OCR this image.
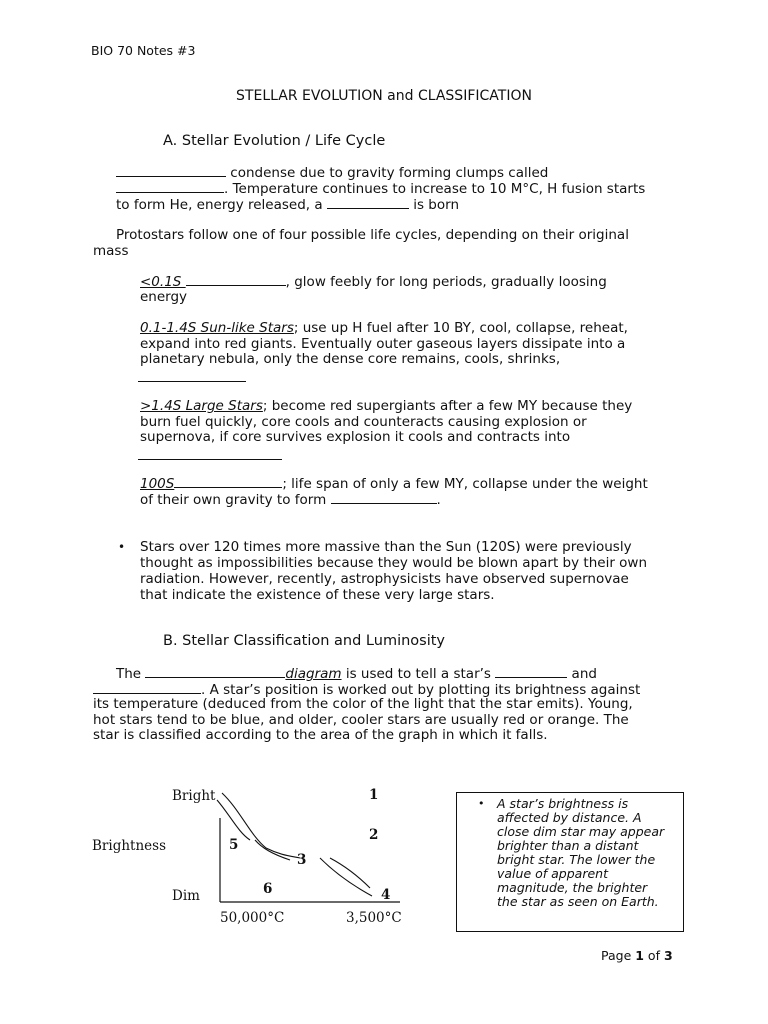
BIO 70 Notes #3
STELLAR EVOLUTION and CLASSIFICATION
A. Stellar Evolution / Life Cycle
condense due to gravity forming clumps called
. Temperature continues to increase to 10 M°C, H fusion starts
to form He, energy released, a	is born
Protostars follow one of four possible life cycles, depending on their original
mass
<0.1S	, glow feebly for long periods, gradually loosing
energy
0.1-1.4S Sun-like Stars; use up H fuel after 10 BY, cool, collapse, reheat,
expand into red giants. Eventually outer gaseous layers dissipate into a
planetary nebula, only the dense core remains, cools, shrinks,
>1.4S Large Stars; become red supergiants after a few MY because they
burn fuel quickly, core cools and counteracts causing explosion or
supernova, if core survives explosion it cools and contracts into
100S	; life span of only a few MY, collapse under the weight
of their own gravity to form	.
• Stars over 120 times more massive than the Sun (120S) were previously
thought as impossibilities because they would be blown apart by their own
radiation. However, recently, astrophysicists have observed supernovae
that indicate the existence of these very large stars.
B. Stellar Classification and Luminosity
The	diagram is used to tell a star’s	and
. A star’s position is worked out by plotting its brightness against
its temperature (deduced from the color of the light that the star emits). Young,
hot stars tend to be blue, and older, cooler stars are usually red or orange. The
star is classified according to the area of the graph in which it falls.
Bright
Brightness
Dim
50,000°C	3,500°C
1
2
3
4
5
6
• A star’s brightness is
affected by distance. A
close dim star may appear
brighter than a distant
bright star. The lower the
value of apparent
magnitude, the brighter
the star as seen on Earth.
Page 1 of 3
